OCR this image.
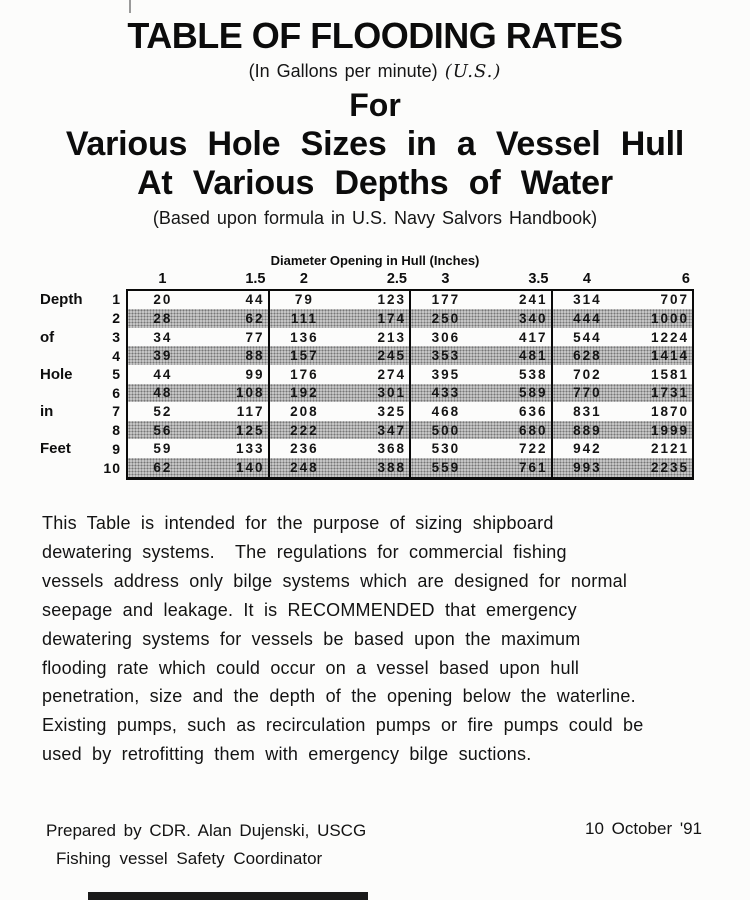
TABLE OF FLOODING RATES
(In Gallons per minute) (U.S.)
For
Various Hole Sizes in a Vessel Hull
At Various Depths of Water
(Based upon formula in U.S. Navy Salvors Handbook)
Diameter Opening in Hull (Inches)
		1	1.5	2	2.5	3	3.5	4	6
Depth	1	20	44	79	123	177	241	314	707
	2	28	62	111	174	250	340	444	1000
of	3	34	77	136	213	306	417	544	1224
	4	39	88	157	245	353	481	628	1414
Hole	5	44	99	176	274	395	538	702	1581
	6	48	108	192	301	433	589	770	1731
in	7	52	117	208	325	468	636	831	1870
	8	56	125	222	347	500	680	889	1999
Feet	9	59	133	236	368	530	722	942	2121
	10	62	140	248	388	559	761	993	2235
This Table is intended for the purpose of sizing shipboard
dewatering systems.  The regulations for commercial fishing
vessels address only bilge systems which are designed for normal
seepage and leakage. It is RECOMMENDED that emergency
dewatering systems for vessels be based upon the maximum
flooding rate which could occur on a vessel based upon hull
penetration, size and the depth of the opening below the waterline.
Existing pumps, such as recirculation pumps or fire pumps could be
used by retrofitting them with emergency bilge suctions.
Prepared by CDR. Alan Dujenski, USCG
Fishing vessel Safety Coordinator
10 October '91
